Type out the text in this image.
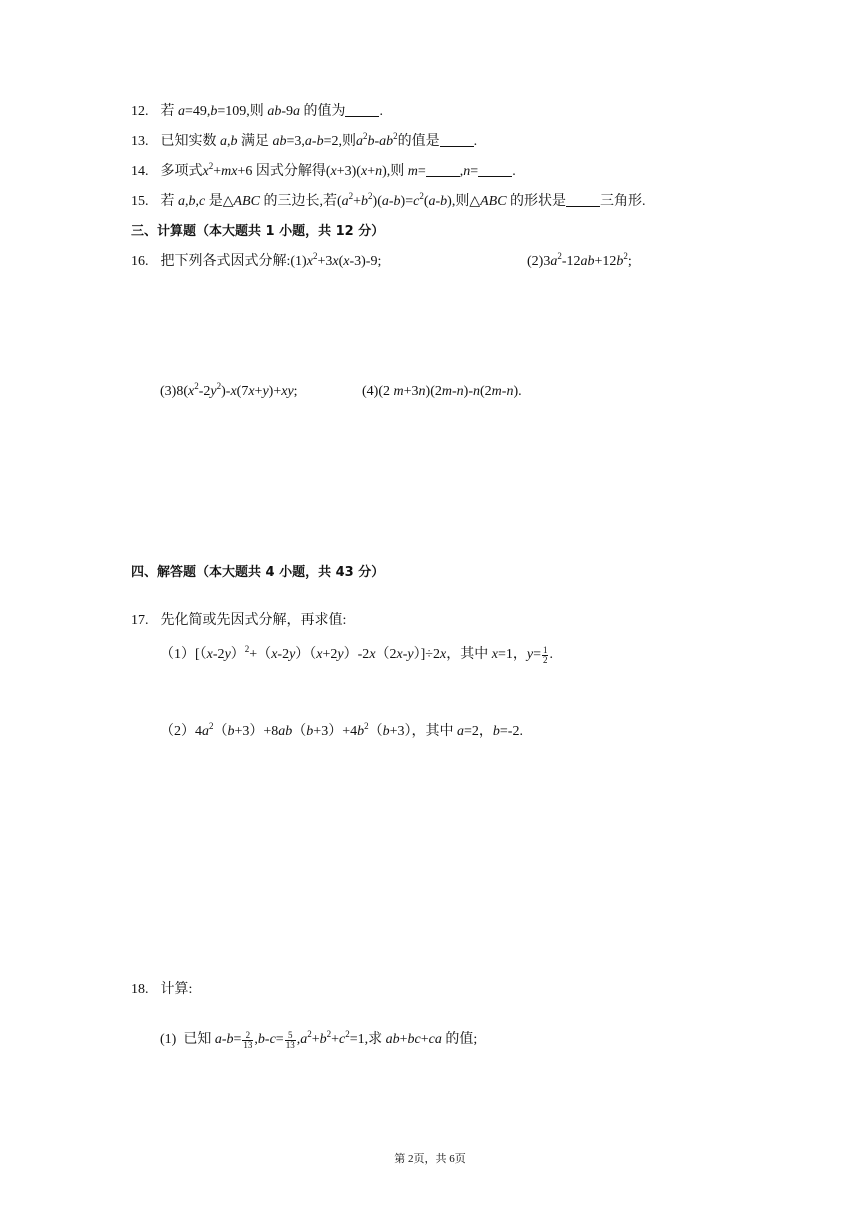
12. 若 a=49,b=109,则 ab-9a 的值为 .
13. 已知实数 a,b 满足 ab=3,a-b=2,则$a^2b-ab^2$的值是 .
14. 多项式$x^2+mx+6$ 因式分解得(x+3)(x+n),则 m= ,n= .
15. 若 a,b,c 是△ABC 的三边长,若$(a^2+b^2)(a-b)=c^2(a-b)$,则△ABC 的形状是 三角形.
三、计算题（本大题共 1 小题，共 12 分）
16. 把下列各式因式分解$:(1)x^2+3x(x-3)-9$;	$(2)3a^2-12ab+12b^2$;
$(3)8(x^2-2y^2)-x(7x+y)+xy$;	(4)(2 m+3n)(2m-n)-n(2m-n).
四、解答题（本大题共 4 小题，共 43 分）
17. 先化简或先因式分解，再求值:
$(1)[(x-2y)^2+(x-2y)(x+2y)-2x(2x-y)]\div 2x$，其中 x=1，$y= \frac{1}{2}$ .
$(2)4a^2(b+3)+8ab(b+3)+4b^2(b+3)$，其中 a=2，b=-2.
18. 计算:
(1)  已知 $a-b= \frac{2}{13} ,b-c= \frac{5}{13} ,a^2+b^2+c^2=1$,求 ab+bc+ca 的值;
第 2页，共 6页
